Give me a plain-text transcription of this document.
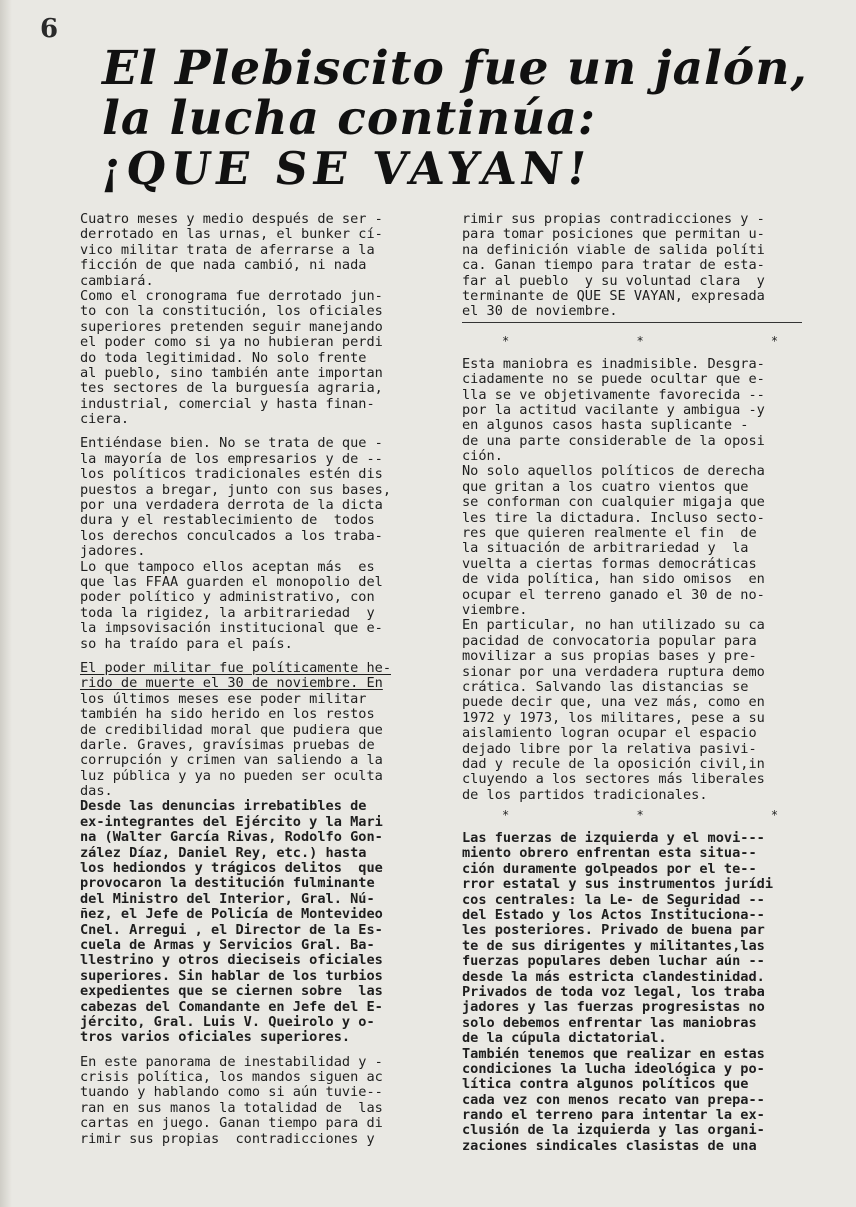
6
El Plebiscito fue un jalón,
la lucha continúa:
¡QUE SE VAYAN!
Cuatro meses y medio después de ser -
derrotado en las urnas, el bunker cí-
vico militar trata de aferrarse a la
ficción de que nada cambió, ni nada
cambiará.
Como el cronograma fue derrotado jun-
to con la constitución, los oficiales
superiores pretenden seguir manejando
el poder como si ya no hubieran perdi
do toda legitimidad. No solo frente
al pueblo, sino también ante importan
tes sectores de la burguesía agraria,
industrial, comercial y hasta finan-
ciera.
Entiéndase bien. No se trata de que -
la mayoría de los empresarios y de --
los políticos tradicionales estén dis
puestos a bregar, junto con sus bases,
por una verdadera derrota de la dicta
dura y el restablecimiento de  todos
los derechos conculcados a los traba-
jadores.
Lo que tampoco ellos aceptan más  es
que las FFAA guarden el monopolio del
poder político y administrativo, con
toda la rigidez, la arbitrariedad  y
la impsovisación institucional que e-
so ha traído para el país.
El poder militar fue políticamente he-
rido de muerte el 30 de noviembre. En
los últimos meses ese poder militar
también ha sido herido en los restos
de credibilidad moral que pudiera que
darle. Graves, gravísimas pruebas de
corrupción y crimen van saliendo a la
luz pública y ya no pueden ser oculta
das.
Desde las denuncias irrebatibles de
ex-integrantes del Ejército y la Mari
na (Walter García Rivas, Rodolfo Gon-
zález Díaz, Daniel Rey, etc.) hasta
los hediondos y trágicos delitos  que
provocaron la destitución fulminante
del Ministro del Interior, Gral. Nú-
ñez, el Jefe de Policía de Montevideo
Cnel. Arregui , el Director de la Es-
cuela de Armas y Servicios Gral. Ba-
llestrino y otros dieciseis oficiales
superiores. Sin hablar de los turbios
expedientes que se ciernen sobre  las
cabezas del Comandante en Jefe del E-
jército, Gral. Luis V. Queirolo y o-
tros varios oficiales superiores.
En este panorama de inestabilidad y -
crisis política, los mandos siguen ac
tuando y hablando como si aún tuvie--
ran en sus manos la totalidad de  las
cartas en juego. Ganan tiempo para di
rimir sus propias  contradicciones y
rimir sus propias contradicciones y -
para tomar posiciones que permitan u-
na definición viable de salida políti
ca. Ganan tiempo para tratar de esta-
far al pueblo  y su voluntad clara  y
terminante de QUE SE VAYAN, expresada
el 30 de noviembre.
* * *
Esta maniobra es inadmisible. Desgra-
ciadamente no se puede ocultar que e-
lla se ve objetivamente favorecida --
por la actitud vacilante y ambigua -y
en algunos casos hasta suplicante -
de una parte considerable de la oposi
ción.
No solo aquellos políticos de derecha
que gritan a los cuatro vientos que
se conforman con cualquier migaja que
les tire la dictadura. Incluso secto-
res que quieren realmente el fin  de
la situación de arbitrariedad y  la
vuelta a ciertas formas democráticas
de vida política, han sido omisos  en
ocupar el terreno ganado el 30 de no-
viembre.
En particular, no han utilizado su ca
pacidad de convocatoria popular para
movilizar a sus propias bases y pre-
sionar por una verdadera ruptura demo
crática. Salvando las distancias se
puede decir que, una vez más, como en
1972 y 1973, los militares, pese a su
aislamiento logran ocupar el espacio
dejado libre por la relativa pasivi-
dad y recule de la oposición civil,in
cluyendo a los sectores más liberales
de los partidos tradicionales.
* * *
Las fuerzas de izquierda y el movi---
miento obrero enfrentan esta situa--
ción duramente golpeados por el te--
rror estatal y sus instrumentos jurídi
cos centrales: la Le- de Seguridad --
del Estado y los Actos Instituciona--
les posteriores. Privado de buena par
te de sus dirigentes y militantes,las
fuerzas populares deben luchar aún --
desde la más estricta clandestinidad.
Privados de toda voz legal, los traba
jadores y las fuerzas progresistas no
solo debemos enfrentar las maniobras
de la cúpula dictatorial.
También tenemos que realizar en estas
condiciones la lucha ideológica y po-
lítica contra algunos políticos que
cada vez con menos recato van prepa--
rando el terreno para intentar la ex-
clusión de la izquierda y las organi-
zaciones sindicales clasistas de una
